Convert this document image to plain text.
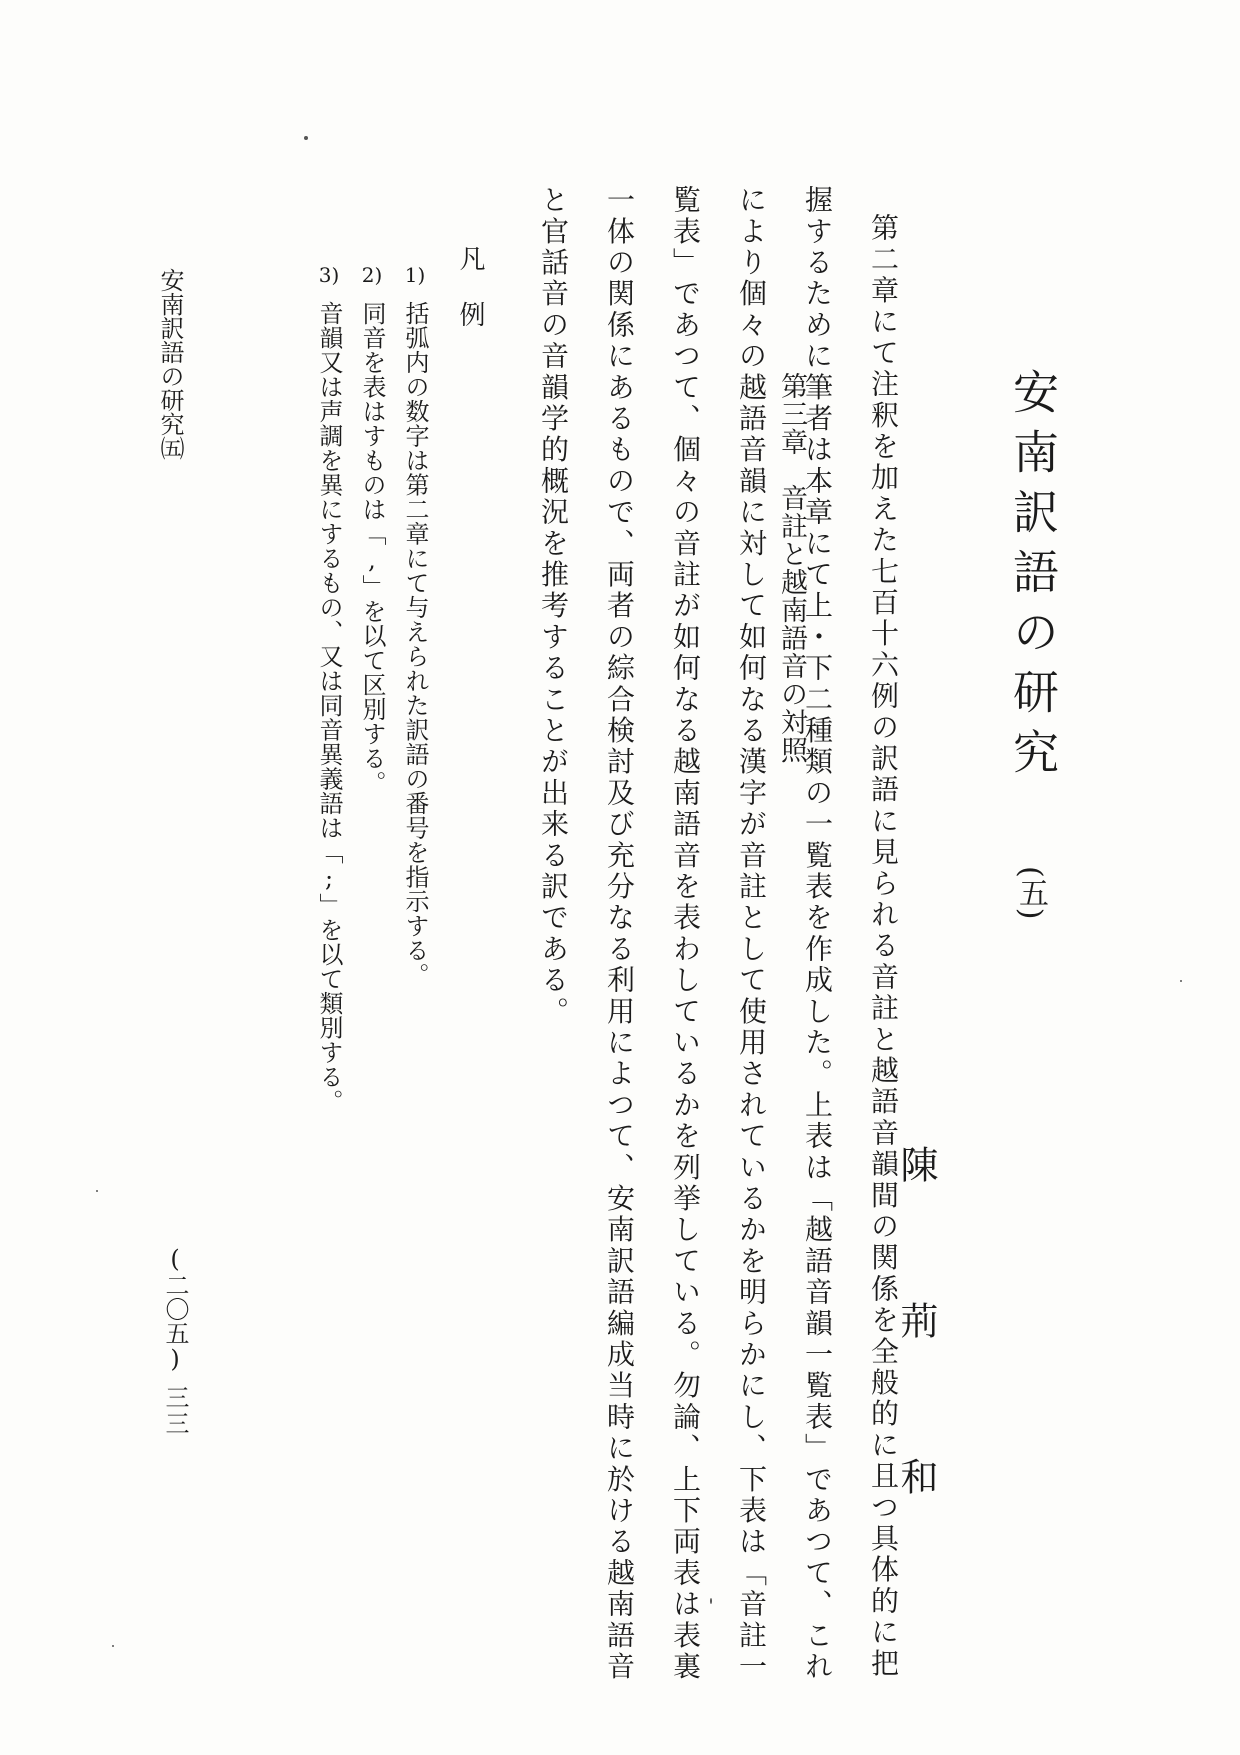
安南訳語の研究
(五)
陳荊和
第三章音註と越南語音の対照	第二章にて注釈を加えた七百十六例の訳語に見られる音註と越語音韻間の関係を全般的に且つ具体的に把握するために筆者は本章にて上・下二種類の一覧表を作成した。上表は「越語音韻一覧表」であつて、これにより個々の越語音韻に対して如何なる漢字が音註として使用されているかを明らかにし、下表は「音註一覧表」であつて、個々の音註が如何なる越南語音を表わしているかを列挙している。勿論、上下両表は表裏一体の関係にあるもので、両者の綜合検討及び充分なる利用によつて、安南訳語編成当時に於ける越南語音と官話音の音韻学的概況を推考することが出来る訳である。

凡例
1)括弧内の数字は第二章にて与えられた訳語の番号を指示する。
2)同音を表はすものは「,」を以て区別する。
3)音韻又は声調を異にするもの、又は同音異義語は「;」を以て類別する。
安南訳語の研究㈤
(二〇五)
三三
